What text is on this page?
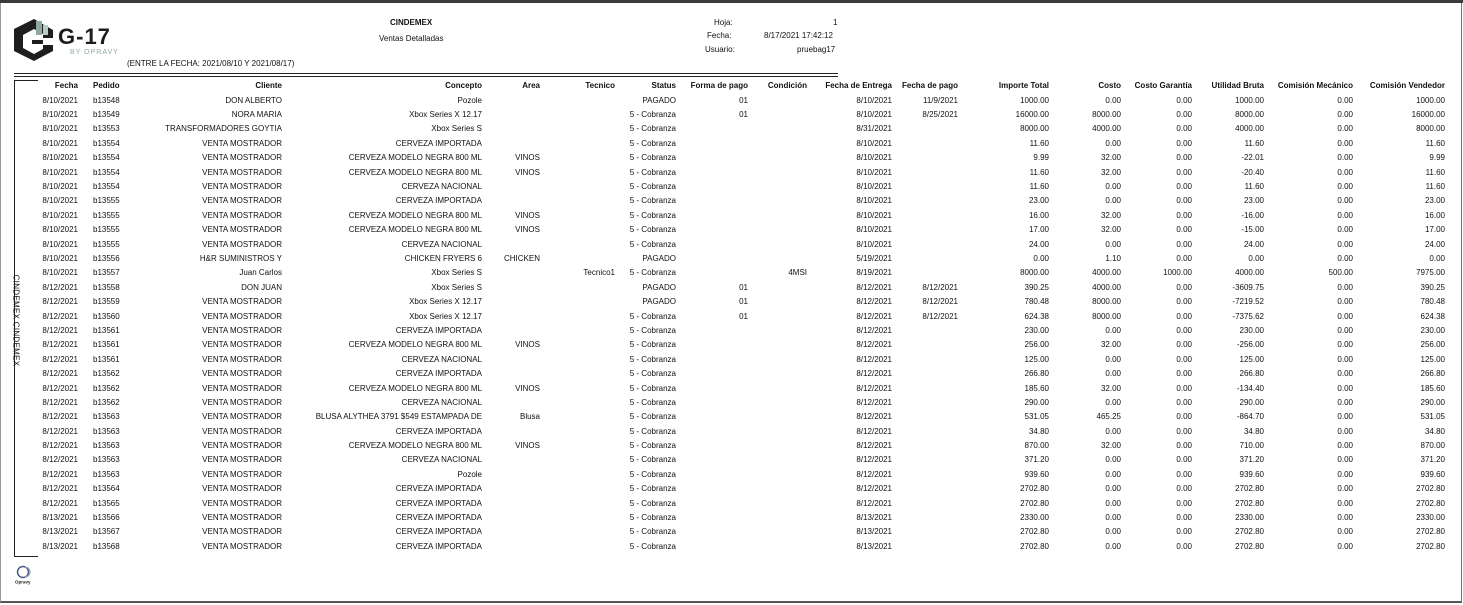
G-17
BY OPRAVY
(ENTRE LA FECHA: 2021/08/10 Y 2021/08/17)
CINDEMEX
Ventas Detalladas
Hoja:	1
Fecha:	8/17/2021 17:42:12
Usuario:	pruebag17
CINDEMEX CINDEMEX
Fecha	Pedido	Cliente	Concepto	Area	Tecnico	Status	Forma de pago	Condición	Fecha de Entrega	Fecha de pago	Importe Total	Costo	Costo Garantía	Utilidad Bruta	Comisión Mecánico	Comisión Vendedor
8/10/2021	b13548	DON ALBERTO	Pozole			PAGADO	01		8/10/2021	11/9/2021	1000.00	0.00	0.00	1000.00	0.00	1000.00
8/10/2021	b13549	NORA MARIA	Xbox Series X 12.17			5 - Cobranza	01		8/10/2021	8/25/2021	16000.00	8000.00	0.00	8000.00	0.00	16000.00
8/10/2021	b13553	TRANSFORMADORES GOYTIA	Xbox Series S			5 - Cobranza			8/31/2021		8000.00	4000.00	0.00	4000.00	0.00	8000.00
8/10/2021	b13554	VENTA MOSTRADOR	CERVEZA IMPORTADA			5 - Cobranza			8/10/2021		11.60	0.00	0.00	11.60	0.00	11.60
8/10/2021	b13554	VENTA MOSTRADOR	CERVEZA MODELO NEGRA 800 ML	VINOS		5 - Cobranza			8/10/2021		9.99	32.00	0.00	-22.01	0.00	9.99
8/10/2021	b13554	VENTA MOSTRADOR	CERVEZA MODELO NEGRA 800 ML	VINOS		5 - Cobranza			8/10/2021		11.60	32.00	0.00	-20.40	0.00	11.60
8/10/2021	b13554	VENTA MOSTRADOR	CERVEZA NACIONAL			5 - Cobranza			8/10/2021		11.60	0.00	0.00	11.60	0.00	11.60
8/10/2021	b13555	VENTA MOSTRADOR	CERVEZA IMPORTADA			5 - Cobranza			8/10/2021		23.00	0.00	0.00	23.00	0.00	23.00
8/10/2021	b13555	VENTA MOSTRADOR	CERVEZA MODELO NEGRA 800 ML	VINOS		5 - Cobranza			8/10/2021		16.00	32.00	0.00	-16.00	0.00	16.00
8/10/2021	b13555	VENTA MOSTRADOR	CERVEZA MODELO NEGRA 800 ML	VINOS		5 - Cobranza			8/10/2021		17.00	32.00	0.00	-15.00	0.00	17.00
8/10/2021	b13555	VENTA MOSTRADOR	CERVEZA NACIONAL			5 - Cobranza			8/10/2021		24.00	0.00	0.00	24.00	0.00	24.00
8/10/2021	b13556	H&R SUMINISTROS Y	CHICKEN FRYERS 6	CHICKEN		PAGADO			5/19/2021		0.00	1.10	0.00	0.00	0.00	0.00
8/10/2021	b13557	Juan Carlos	Xbox Series S		Tecnico1	5 - Cobranza		4MSI	8/19/2021		8000.00	4000.00	1000.00	4000.00	500.00	7975.00
8/12/2021	b13558	DON JUAN	Xbox Series S			PAGADO	01		8/12/2021	8/12/2021	390.25	4000.00	0.00	-3609.75	0.00	390.25
8/12/2021	b13559	VENTA MOSTRADOR	Xbox Series X 12.17			PAGADO	01		8/12/2021	8/12/2021	780.48	8000.00	0.00	-7219.52	0.00	780.48
8/12/2021	b13560	VENTA MOSTRADOR	Xbox Series X 12.17			5 - Cobranza	01		8/12/2021	8/12/2021	624.38	8000.00	0.00	-7375.62	0.00	624.38
8/12/2021	b13561	VENTA MOSTRADOR	CERVEZA IMPORTADA			5 - Cobranza			8/12/2021		230.00	0.00	0.00	230.00	0.00	230.00
8/12/2021	b13561	VENTA MOSTRADOR	CERVEZA MODELO NEGRA 800 ML	VINOS		5 - Cobranza			8/12/2021		256.00	32.00	0.00	-256.00	0.00	256.00
8/12/2021	b13561	VENTA MOSTRADOR	CERVEZA NACIONAL			5 - Cobranza			8/12/2021		125.00	0.00	0.00	125.00	0.00	125.00
8/12/2021	b13562	VENTA MOSTRADOR	CERVEZA IMPORTADA			5 - Cobranza			8/12/2021		266.80	0.00	0.00	266.80	0.00	266.80
8/12/2021	b13562	VENTA MOSTRADOR	CERVEZA MODELO NEGRA 800 ML	VINOS		5 - Cobranza			8/12/2021		185.60	32.00	0.00	-134.40	0.00	185.60
8/12/2021	b13562	VENTA MOSTRADOR	CERVEZA NACIONAL			5 - Cobranza			8/12/2021		290.00	0.00	0.00	290.00	0.00	290.00
8/12/2021	b13563	VENTA MOSTRADOR	BLUSA ALYTHEA 3791 $549 ESTAMPADA DE	Blusa		5 - Cobranza			8/12/2021		531.05	465.25	0.00	-864.70	0.00	531.05
8/12/2021	b13563	VENTA MOSTRADOR	CERVEZA IMPORTADA			5 - Cobranza			8/12/2021		34.80	0.00	0.00	34.80	0.00	34.80
8/12/2021	b13563	VENTA MOSTRADOR	CERVEZA MODELO NEGRA 800 ML	VINOS		5 - Cobranza			8/12/2021		870.00	32.00	0.00	710.00	0.00	870.00
8/12/2021	b13563	VENTA MOSTRADOR	CERVEZA NACIONAL			5 - Cobranza			8/12/2021		371.20	0.00	0.00	371.20	0.00	371.20
8/12/2021	b13563	VENTA MOSTRADOR	Pozole			5 - Cobranza			8/12/2021		939.60	0.00	0.00	939.60	0.00	939.60
8/12/2021	b13564	VENTA MOSTRADOR	CERVEZA IMPORTADA			5 - Cobranza			8/12/2021		2702.80	0.00	0.00	2702.80	0.00	2702.80
8/12/2021	b13565	VENTA MOSTRADOR	CERVEZA IMPORTADA			5 - Cobranza			8/12/2021		2702.80	0.00	0.00	2702.80	0.00	2702.80
8/13/2021	b13566	VENTA MOSTRADOR	CERVEZA IMPORTADA			5 - Cobranza			8/13/2021		2330.00	0.00	0.00	2330.00	0.00	2330.00
8/13/2021	b13567	VENTA MOSTRADOR	CERVEZA IMPORTADA			5 - Cobranza			8/13/2021		2702.80	0.00	0.00	2702.80	0.00	2702.80
8/13/2021	b13568	VENTA MOSTRADOR	CERVEZA IMPORTADA			5 - Cobranza			8/13/2021		2702.80	0.00	0.00	2702.80	0.00	2702.80
Opravy
